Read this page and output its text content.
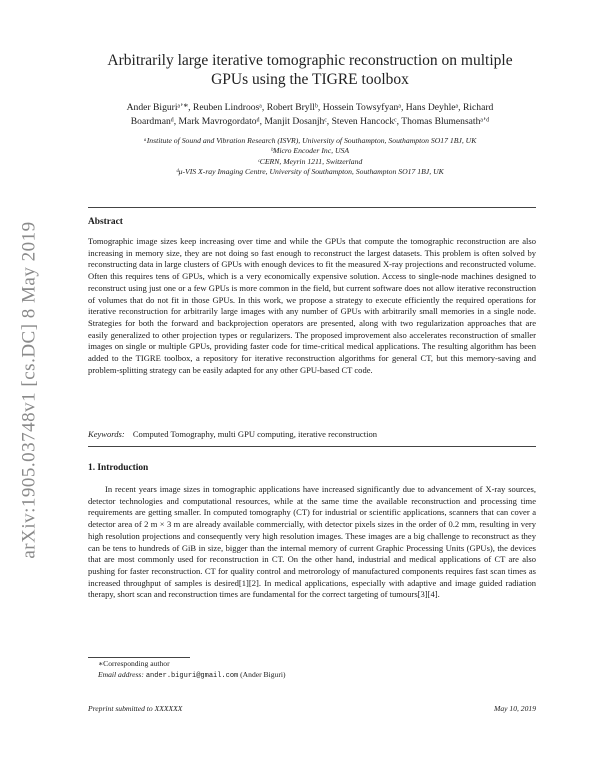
arXiv:1905.03748v1 [cs.DC] 8 May 2019
Arbitrarily large iterative tomographic reconstruction on multiple
GPUs using the TIGRE toolbox
Ander Biguriᵃʼ*, Reuben Lindroosᵃ, Robert Bryllᵇ, Hossein Towsyfyanᵃ, Hans Deyhleᵃ, Richard
Boardmanᵈ, Mark Mavrogordatoᵈ, Manjit Dosanjhᶜ, Steven Hancockᶜ, Thomas Blumensathᵃʼᵈ
ᵃInstitute of Sound and Vibration Research (ISVR), University of Southampton, Southampton SO17 1BJ, UK
ᵇMicro Encoder Inc, USA
ᶜCERN, Meyrin 1211, Switzerland
ᵈμ-VIS X-ray Imaging Centre, University of Southampton, Southampton SO17 1BJ, UK
Abstract
Tomographic image sizes keep increasing over time and while the GPUs that compute the tomographic reconstruction are also increasing in memory size, they are not doing so fast enough to reconstruct the largest datasets. This problem is often solved by reconstructing data in large clusters of GPUs with enough devices to fit the measured X-ray projections and reconstructed volume. Often this requires tens of GPUs, which is a very economically expensive solution. Access to single-node machines designed to reconstruct using just one or a few GPUs is more common in the field, but current software does not allow iterative reconstruction of volumes that do not fit in those GPUs. In this work, we propose a strategy to execute efficiently the required operations for iterative reconstruction for arbitrarily large images with any number of GPUs with arbitrarily small memories in a single node. Strategies for both the forward and backprojection operators are presented, along with two regularization approaches that are easily generalized to other projection types or regularizers. The proposed improvement also accelerates reconstruction of smaller images on single or multiple GPUs, providing faster code for time-critical medical applications. The resulting algorithm has been added to the TIGRE toolbox, a repository for iterative reconstruction algorithms for general CT, but this memory-saving and problem-splitting strategy can be easily adapted for any other GPU-based CT code.
Keywords: Computed Tomography, multi GPU computing, iterative reconstruction
1. Introduction
In recent years image sizes in tomographic applications have increased significantly due to advancement of X-ray sources, detector technologies and computational resources, while at the same time the available reconstruction and processing time requirements are getting smaller. In computed tomography (CT) for industrial or scientific applications, scanners that can cover a detector area of 2 m × 3 m are already available commercially, with detector pixels sizes in the order of 0.2 mm, resulting in very high resolution projections and consequently very high resolution images. These images are a big challenge to reconstruct as they can be tens to hundreds of GiB in size, bigger than the internal memory of current Graphic Processing Units (GPUs), the devices that are most commonly used for reconstruction in CT. On the other hand, industrial and medical applications of CT are also pushing for faster reconstruction. CT for quality control and metrorology of manufactured components requires fast scan times as increased throughput of samples is desired[1][2]. In medical applications, especially with adaptive and image guided radiation therapy, short scan and reconstruction times are fundamental for the correct targeting of tumours[3][4].
∗Corresponding author
Email address: ander.biguri@gmail.com (Ander Biguri)
Preprint submitted to XXXXXX	May 10, 2019
